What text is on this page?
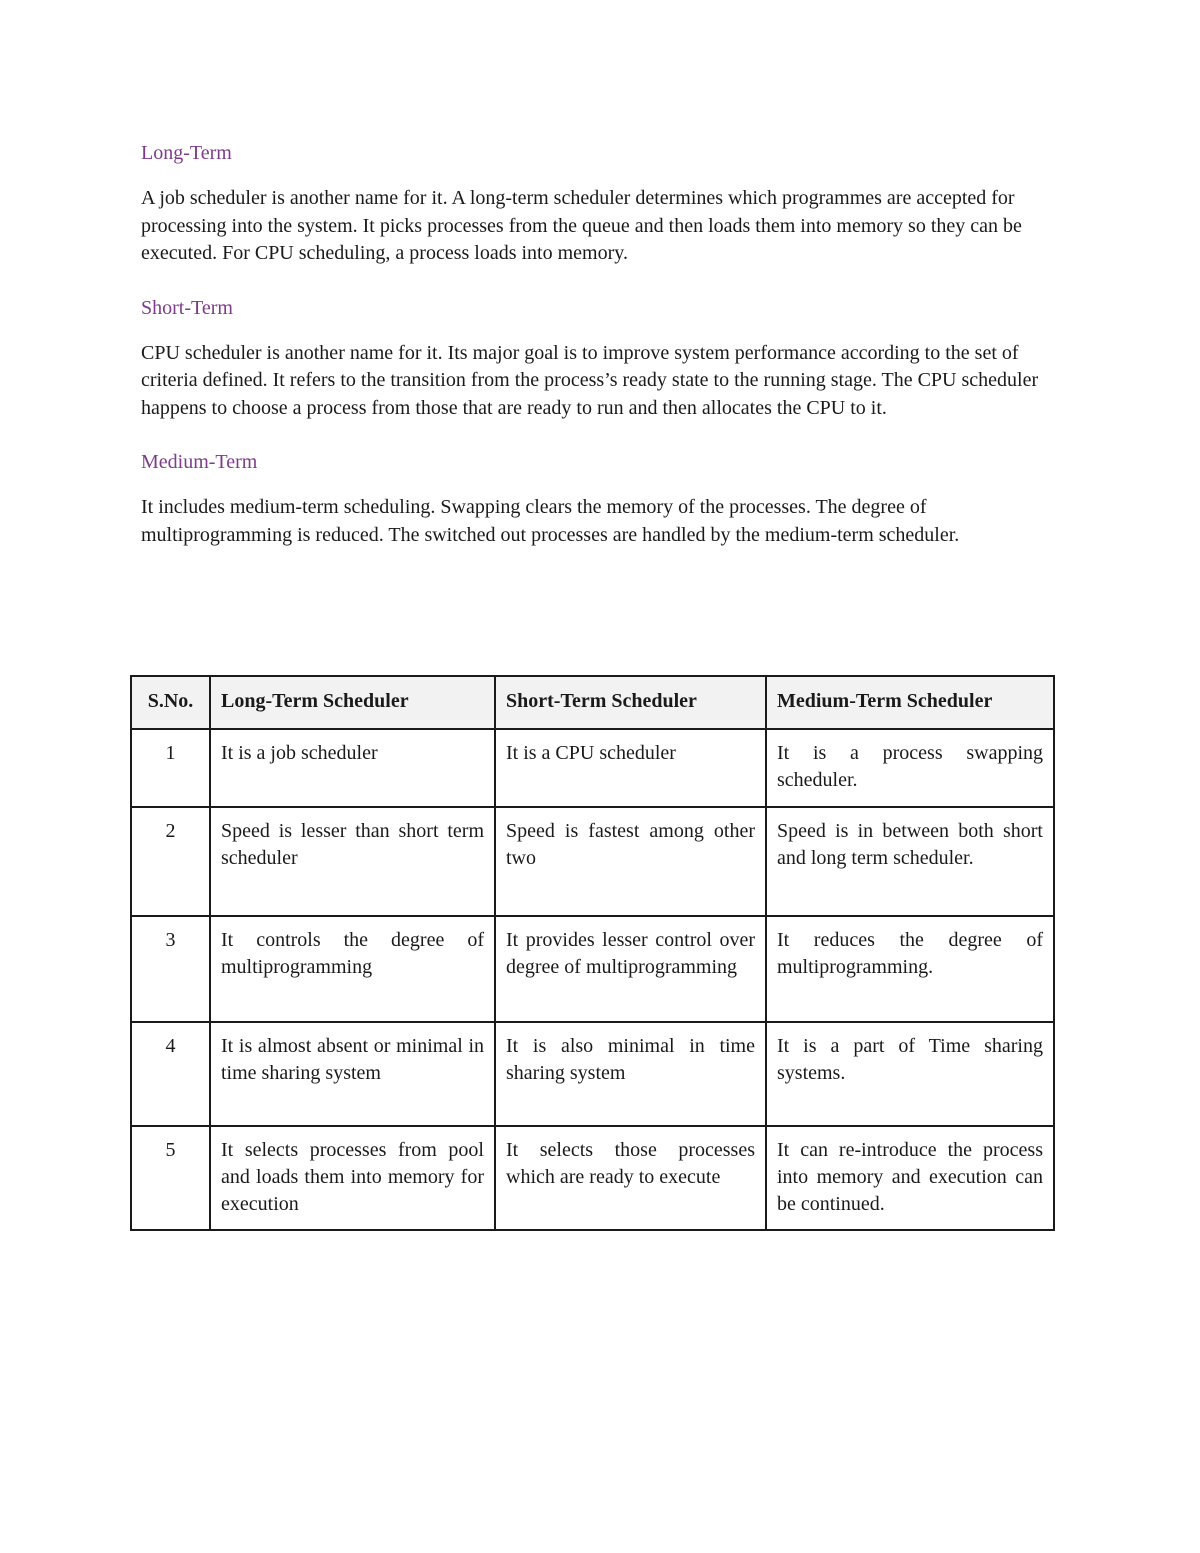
Long-Term

A job scheduler is another name for it. A long-term scheduler determines which programmes are accepted for processing into the system. It picks processes from the queue and then loads them into memory so they can be executed. For CPU scheduling, a process loads into memory.

Short-Term

CPU scheduler is another name for it. Its major goal is to improve system performance according to the set of criteria defined. It refers to the transition from the process’s ready state to the running stage. The CPU scheduler happens to choose a process from those that are ready to run and then allocates the CPU to it.

Medium-Term

It includes medium-term scheduling. Swapping clears the memory of the processes. The degree of multiprogramming is reduced. The switched out processes are handled by the medium-term scheduler.

S.No.	Long-Term Scheduler	Short-Term Scheduler	Medium-Term Scheduler
1	It is a job scheduler	It is a CPU scheduler	It is a process swapping scheduler.
2	Speed is lesser than short term scheduler	Speed is fastest among other two	Speed is in between both short and long term scheduler.
3	It controls the degree of multiprogramming	It provides lesser control over degree of multiprogramming	It reduces the degree of multiprogramming.
4	It is almost absent or minimal in time sharing system	It is also minimal in time sharing system	It is a part of Time sharing systems.
5	It selects processes from pool and loads them into memory for execution	It selects those processes which are ready to execute	It can re-introduce the process into memory and execution can be continued.
